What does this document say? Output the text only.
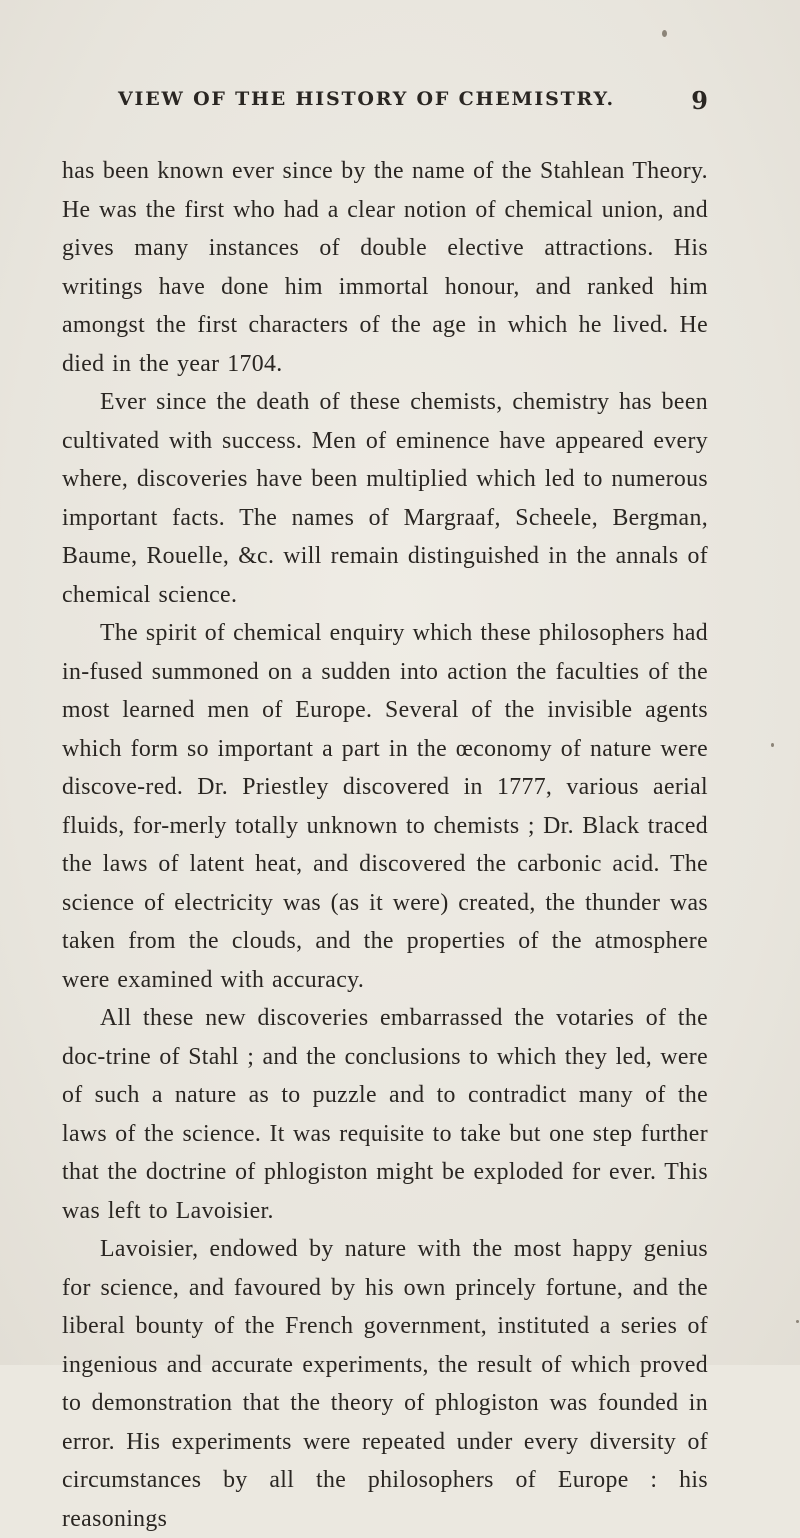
VIEW OF THE HISTORY OF CHEMISTRY.	9

has been known ever since by the name of the Stahlean Theory. He was the first who had a clear notion of chemical union, and gives many instances of double elective attractions. His writings have done him immortal honour, and ranked him amongst the first characters of the age in which he lived. He died in the year 1704.

Ever since the death of these chemists, chemistry has been cultivated with success. Men of eminence have appeared every where, discoveries have been multiplied which led to numerous important facts. The names of Margraaf, Scheele, Bergman, Baume, Rouelle, &c. will remain distinguished in the annals of chemical science.

The spirit of chemical enquiry which these philosophers had in-fused summoned on a sudden into action the faculties of the most learned men of Europe. Several of the invisible agents which form so important a part in the œconomy of nature were discove-red. Dr. Priestley discovered in 1777, various aerial fluids, for-merly totally unknown to chemists ; Dr. Black traced the laws of latent heat, and discovered the carbonic acid. The science of electricity was (as it were) created, the thunder was taken from the clouds, and the properties of the atmosphere were examined with accuracy.

All these new discoveries embarrassed the votaries of the doc-trine of Stahl ; and the conclusions to which they led, were of such a nature as to puzzle and to contradict many of the laws of the science. It was requisite to take but one step further that the doctrine of phlogiston might be exploded for ever. This was left to Lavoisier.

Lavoisier, endowed by nature with the most happy genius for science, and favoured by his own princely fortune, and the liberal bounty of the French government, instituted a series of ingenious and accurate experiments, the result of which proved to demonstration that the theory of phlogiston was founded in error. His experiments were repeated under every diversity of circumstances by all the philosophers of Europe : his reasonings
